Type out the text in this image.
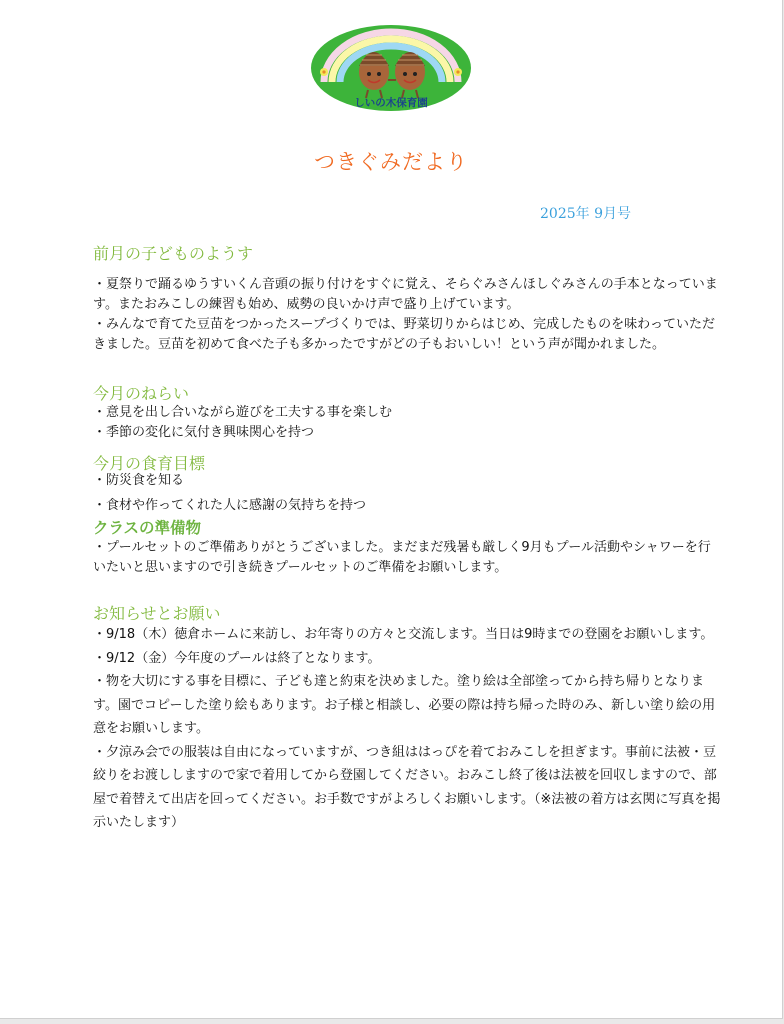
しいの木保育園
つきぐみだより
2025年 9月号
前月の子どものようす

・夏祭りで踊るゆうすいくん音頭の振り付けをすぐに覚え、そらぐみさんほしぐみさんの手本となっています。またおみこしの練習も始め、威勢の良いかけ声で盛り上げています。

・みんなで育てた豆苗をつかったスープづくりでは、野菜切りからはじめ、完成したものを味わっていただきました。豆苗を初めて食べた子も多かったですがどの子もおいしい！という声が聞かれました。

今月のねらい

・意見を出し合いながら遊びを工夫する事を楽しむ

・季節の変化に気付き興味関心を持つ

今月の食育目標
・防災食を知る
・食材や作ってくれた人に感謝の気持ちを持つ
クラスの準備物
・プールセットのご準備ありがとうございました。まだまだ残暑も厳しく9月もプール活動やシャワーを行いたいと思いますので引き続きプールセットのご準備をお願いします。
お知らせとお願い

・9/18（木）徳倉ホームに来訪し、お年寄りの方々と交流します。当日は9時までの登園をお願いします。

・9/12（金）今年度のプールは終了となります。

・物を大切にする事を目標に、子ども達と約束を決めました。塗り絵は全部塗ってから持ち帰りとなります。園でコピーした塗り絵もあります。お子様と相談し、必要の際は持ち帰った時のみ、新しい塗り絵の用意をお願いします。

・夕涼み会での服装は自由になっていますが、つき組ははっぴを着ておみこしを担ぎます。事前に法被・豆絞りをお渡ししますので家で着用してから登園してください。おみこし終了後は法被を回収しますので、部屋で着替えて出店を回ってください。お手数ですがよろしくお願いします。（※法被の着方は玄関に写真を掲示いたします）
